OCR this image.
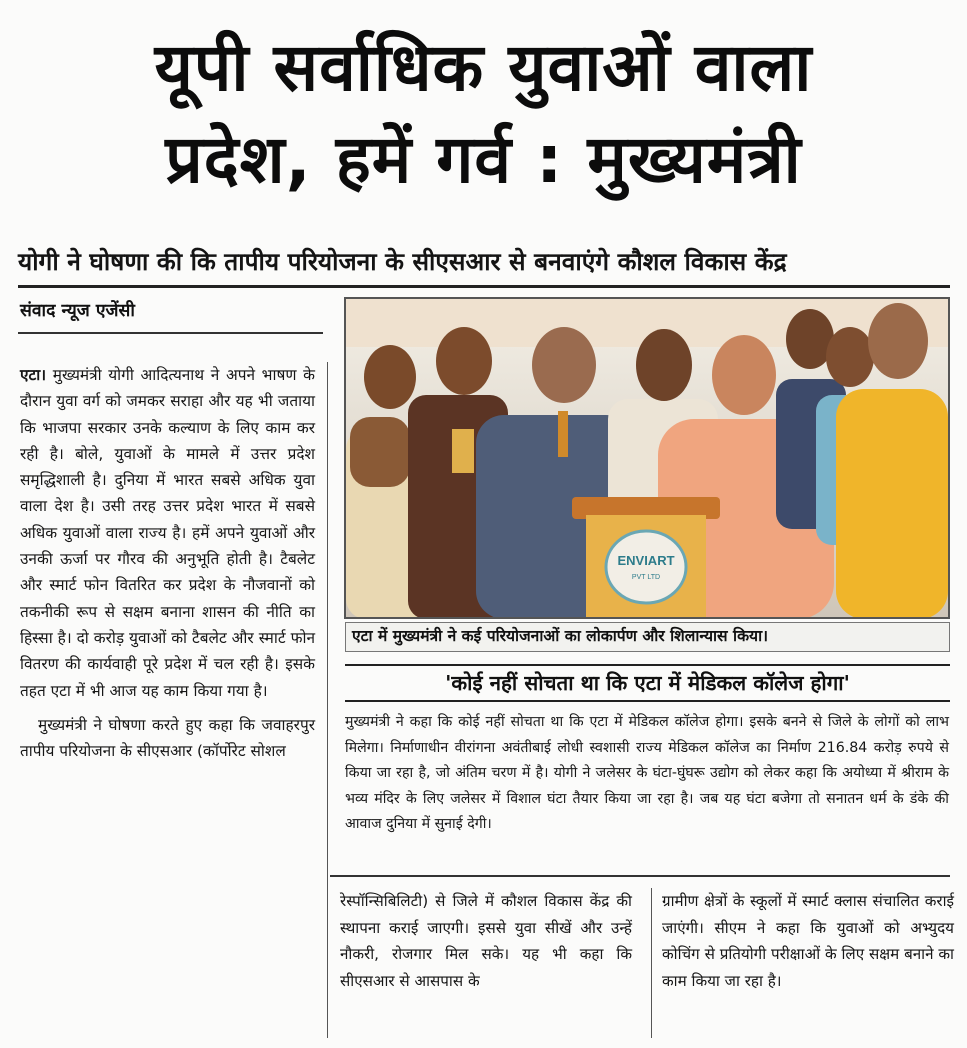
यूपी सर्वाधिक युवाओं वाला
प्रदेश, हमें गर्व : मुख्यमंत्री
योगी ने घोषणा की कि तापीय परियोजना के सीएसआर से बनवाएंगे कौशल विकास केंद्र
संवाद न्यूज एजेंसी

एटा। मुख्यमंत्री योगी आदित्यनाथ ने अपने भाषण के दौरान युवा वर्ग को जमकर सराहा और यह भी जताया कि भाजपा सरकार उनके कल्याण के लिए काम कर रही है। बोले, युवाओं के मामले में उत्तर प्रदेश समृद्धिशाली है। दुनिया में भारत सबसे अधिक युवा वाला देश है। उसी तरह उत्तर प्रदेश भारत में सबसे अधिक युवाओं वाला राज्य है। हमें अपने युवाओं और उनकी ऊर्जा पर गौरव की अनुभूति होती है। टैबलेट और स्मार्ट फोन वितरित कर प्रदेश के नौजवानों को तकनीकी रूप से सक्षम बनाना शासन की नीति का हिस्सा है। दो करोड़ युवाओं को टैबलेट और स्मार्ट फोन वितरण की कार्यवाही पूरे प्रदेश में चल रही है। इसके तहत एटा में भी आज यह काम किया गया है।

मुख्यमंत्री ने घोषणा करते हुए कहा कि जवाहरपुर तापीय परियोजना के सीएसआर (कॉर्पोरेट सोशल

ENVIART
PVT LTD
एटा में मुख्यमंत्री ने कई परियोजनाओं का लोकार्पण और शिलान्यास किया।
'कोई नहीं सोचता था कि एटा में मेडिकल कॉलेज होगा'
मुख्यमंत्री ने कहा कि कोई नहीं सोचता था कि एटा में मेडिकल कॉलेज होगा। इसके बनने से जिले के लोगों को लाभ मिलेगा। निर्माणाधीन वीरांगना अवंतीबाई लोधी स्वशासी राज्य मेडिकल कॉलेज का निर्माण 216.84 करोड़ रुपये से किया जा रहा है, जो अंतिम चरण में है। योगी ने जलेसर के घंटा-घुंघरू उद्योग को लेकर कहा कि अयोध्या में श्रीराम के भव्य मंदिर के लिए जलेसर में विशाल घंटा तैयार किया जा रहा है। जब यह घंटा बजेगा तो सनातन धर्म के डंके की आवाज दुनिया में सुनाई देगी।

रेस्पॉन्सिबिलिटी) से जिले में कौशल विकास केंद्र की स्थापना कराई जाएगी। इससे युवा सीखें और उन्हें नौकरी, रोजगार मिल सके। यह भी कहा कि सीएसआर से आसपास के

ग्रामीण क्षेत्रों के स्कूलों में स्मार्ट क्लास संचालित कराई जाएंगी। सीएम ने कहा कि युवाओं को अभ्युदय कोचिंग से प्रतियोगी परीक्षाओं के लिए सक्षम बनाने का काम किया जा रहा है।
